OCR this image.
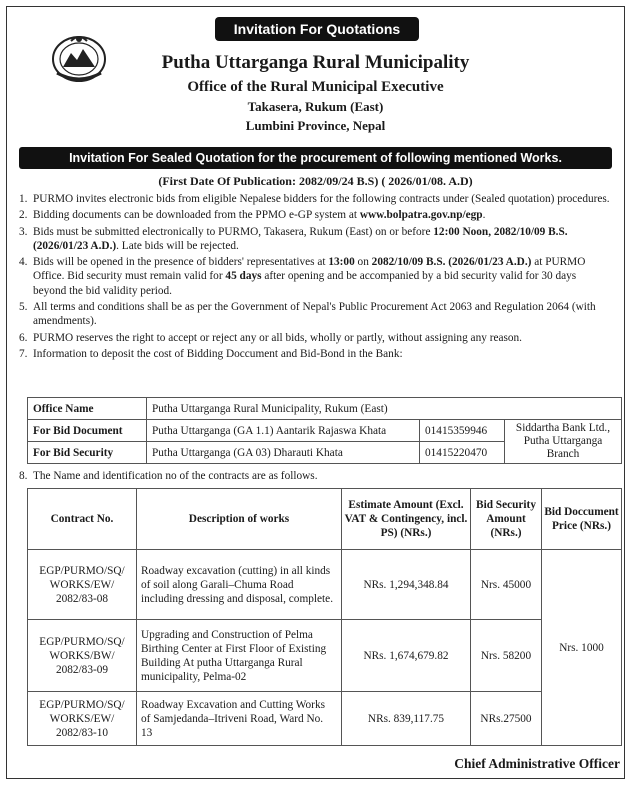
Invitation For Quotations
Putha Uttarganga Rural Municipality
Office of the Rural Municipal Executive
Takasera, Rukum (East)
Lumbini Province, Nepal
Invitation For Sealed Quotation for the procurement of following mentioned Works.
(First Date Of Publication: 2082/09/24 B.S) ( 2026/01/08. A.D)
1. PURMO invites electronic bids from eligible Nepalese bidders for the following contracts under (Sealed quotation) procedures.
2. Bidding documents can be downloaded from the PPMO e-GP system at www.bolpatra.gov.np/egp.
3. Bids must be submitted electronically to PURMO, Takasera, Rukum (East) on or before 12:00 Noon, 2082/10/09 B.S. (2026/01/23 A.D.). Late bids will be rejected.
4. Bids will be opened in the presence of bidders' representatives at 13:00 on 2082/10/09 B.S. (2026/01/23 A.D.) at PURMO Office. Bid security must remain valid for 45 days after opening and be accompanied by a bid security valid for 30 days beyond the bid validity period.
5. All terms and conditions shall be as per the Government of Nepal's Public Procurement Act 2063 and Regulation 2064 (with amendments).
6. PURMO reserves the right to accept or reject any or all bids, wholly or partly, without assigning any reason.
7. Information to deposit the cost of Bidding Doccument and Bid-Bond in the Bank:
Office Name	Putha Uttarganga Rural Municipality, Rukum (East)		
For Bid Document	Putha Uttarganga (GA 1.1) Aantarik Rajaswa Khata	01415359946	Siddartha Bank Ltd., Putha Uttarganga Branch
For Bid Security	Putha Uttarganga (GA 03) Dharauti Khata	01415220470	
8. The Name and identification no of the contracts are as follows.
Contract No.	Description of works	Estimate Amount (Excl. VAT & Contingency, incl. PS) (NRs.)	Bid Security Amount (NRs.)	Bid Doccument Price (NRs.)
EGP/PURMO/SQ/ WORKS/EW/ 2082/83-08	Roadway excavation (cutting) in all kinds of soil along Garali–Chuma Road including dressing and disposal, complete.	NRs. 1,294,348.84	Nrs. 45000	Nrs. 1000
EGP/PURMO/SQ/ WORKS/BW/ 2082/83-09	Upgrading and Construction of Pelma Birthing Center at First Floor of Existing Building At putha Uttarganga Rural municipality, Pelma-02	NRs. 1,674,679.82	Nrs. 58200	
EGP/PURMO/SQ/ WORKS/EW/ 2082/83-10	Roadway Excavation and Cutting Works of Samjedanda–Itriveni Road, Ward No. 13	NRs. 839,117.75	NRs.27500	
Chief Administrative Officer
